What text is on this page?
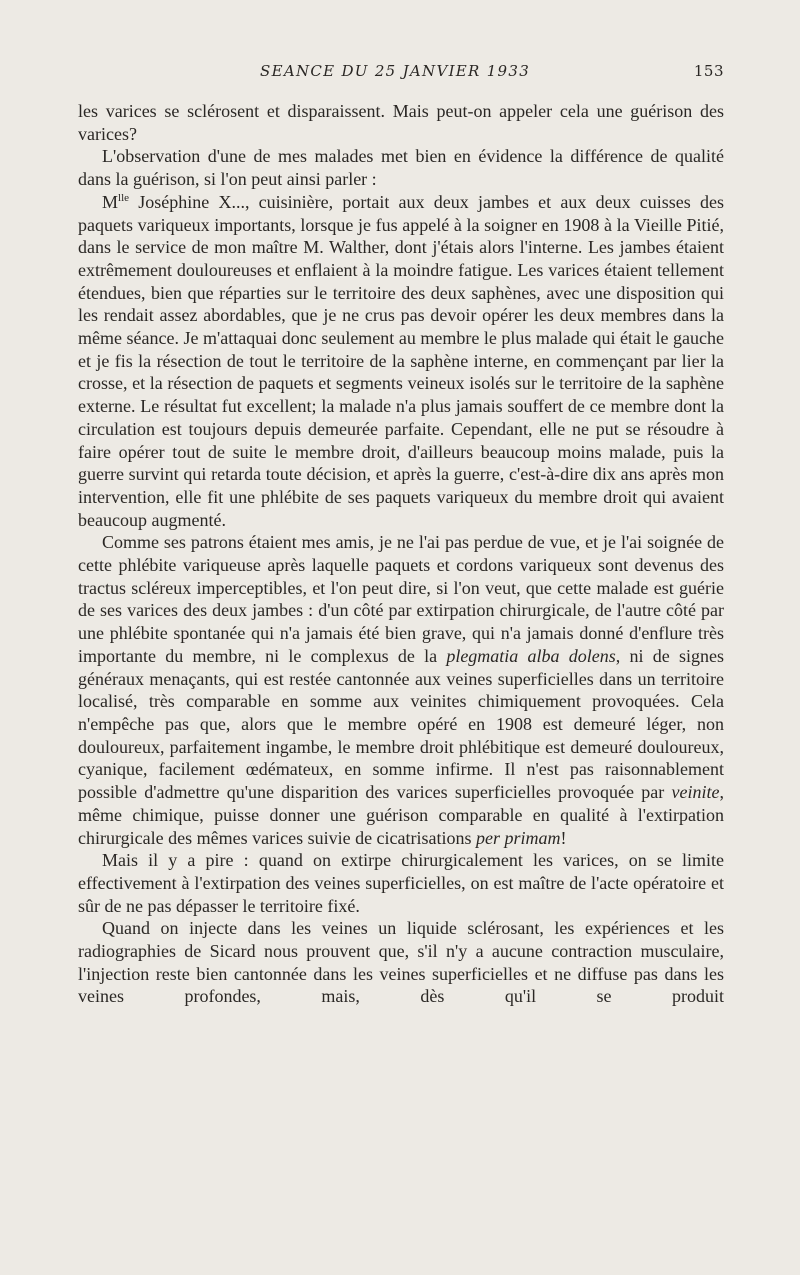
SEANCE DU 25 JANVIER 1933	153

les varices se sclérosent et disparaissent. Mais peut-on appeler cela une guérison des varices?

L'observation d'une de mes malades met bien en évidence la différence de qualité dans la guérison, si l'on peut ainsi parler :

$M^{lle}$ Joséphine X..., cuisinière, portait aux deux jambes et aux deux cuisses des paquets variqueux importants, lorsque je fus appelé à la soigner en 1908 à la Vieille Pitié, dans le service de mon maître M. Walther, dont j'étais alors l'interne. Les jambes étaient extrêmement douloureuses et enflaient à la moindre fatigue. Les varices étaient tellement étendues, bien que réparties sur le territoire des deux saphènes, avec une disposition qui les rendait assez abordables, que je ne crus pas devoir opérer les deux membres dans la même séance. Je m'attaquai donc seulement au membre le plus malade qui était le gauche et je fis la résection de tout le territoire de la saphène interne, en commençant par lier la crosse, et la résection de paquets et segments veineux isolés sur le territoire de la saphène externe. Le résultat fut excellent; la malade n'a plus jamais souffert de ce membre dont la circulation est toujours depuis demeurée parfaite. Cependant, elle ne put se résoudre à faire opérer tout de suite le membre droit, d'ailleurs beaucoup moins malade, puis la guerre survint qui retarda toute décision, et après la guerre, c'est-à-dire dix ans après mon intervention, elle fit une phlébite de ses paquets variqueux du membre droit qui avaient beaucoup augmenté.

Comme ses patrons étaient mes amis, je ne l'ai pas perdue de vue, et je l'ai soignée de cette phlébite variqueuse après laquelle paquets et cordons variqueux sont devenus des tractus scléreux imperceptibles, et l'on peut dire, si l'on veut, que cette malade est guérie de ses varices des deux jambes : d'un côté par extirpation chirurgicale, de l'autre côté par une phlébite spontanée qui n'a jamais été bien grave, qui n'a jamais donné d'enflure très importante du membre, ni le complexus de la plegmatia alba dolens, ni de signes généraux menaçants, qui est restée cantonnée aux veines superficielles dans un territoire localisé, très comparable en somme aux veinites chimiquement provoquées. Cela n'empêche pas que, alors que le membre opéré en 1908 est demeuré léger, non douloureux, parfaitement ingambe, le membre droit phlébitique est demeuré douloureux, cyanique, facilement œdémateux, en somme infirme. Il n'est pas raisonnablement possible d'admettre qu'une disparition des varices superficielles provoquée par veinite, même chimique, puisse donner une guérison comparable en qualité à l'extirpation chirurgicale des mêmes varices suivie de cicatrisations per primam!

Mais il y a pire : quand on extirpe chirurgicalement les varices, on se limite effectivement à l'extirpation des veines superficielles, on est maître de l'acte opératoire et sûr de ne pas dépasser le territoire fixé.

Quand on injecte dans les veines un liquide sclérosant, les expériences et les radiographies de Sicard nous prouvent que, s'il n'y a aucune contraction musculaire, l'injection reste bien cantonnée dans les veines superficielles et ne diffuse pas dans les veines profondes, mais, dès qu'il se produit
